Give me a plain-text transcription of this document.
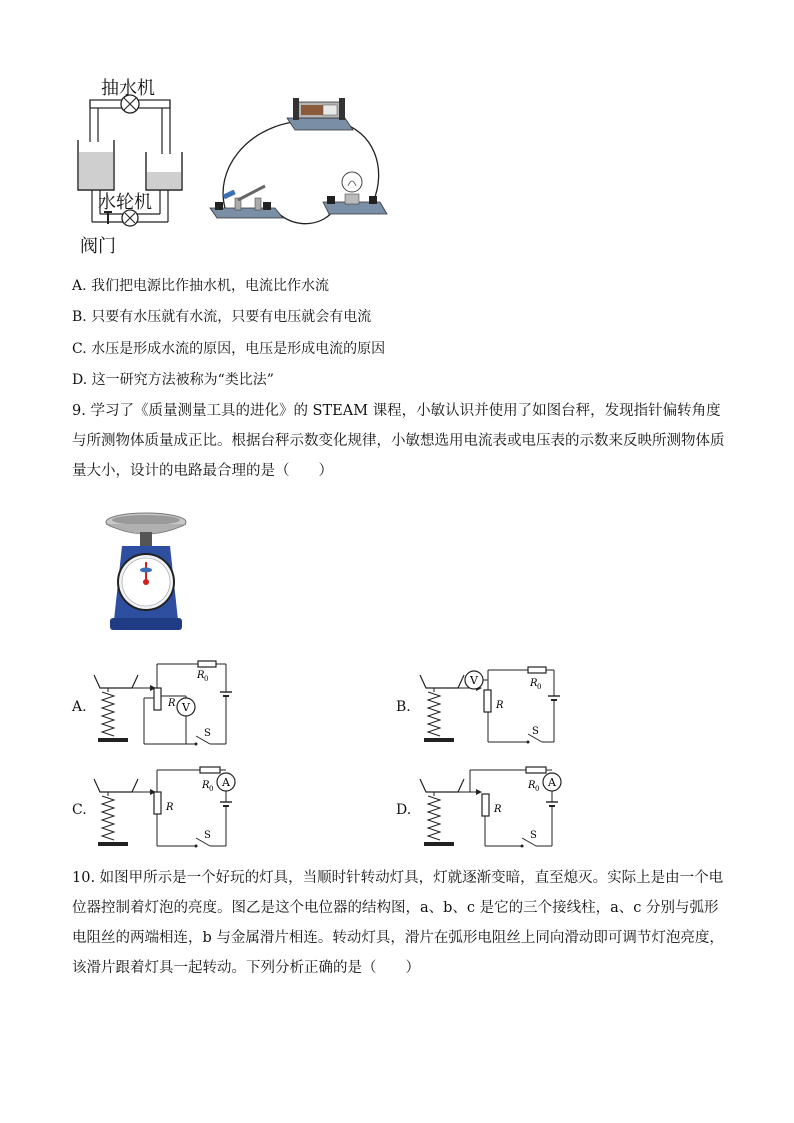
抽水机
水轮机
阀门
A. 我们把电源比作抽水机，电流比作水流
B. 只要有水压就有水流，只要有电压就会有电流
C. 水压是形成水流的原因，电压是形成电流的原因
D. 这一研究方法被称为“类比法”
9. 学习了《质量测量工具的进化》的 STEAM 课程，小敏认识并使用了如图台秤，发现指针偏转角度与所测物体质量成正比。根据台秤示数变化规律，小敏想选用电流表或电压表的示数来反映所测物体质量大小，设计的电路最合理的是（　　）
A.	V
R
R 0
S
B.
V
R
R 0
S
C.
A
R
R 0
S
D.
A
R
R 0
S
10. 如图甲所示是一个好玩的灯具，当顺时针转动灯具，灯就逐渐变暗，直至熄灭。实际上是由一个电位器控制着灯泡的亮度。图乙是这个电位器的结构图，a、b、c 是它的三个接线柱，a、c 分别与弧形电阻丝的两端相连，b 与金属滑片相连。转动灯具，滑片在弧形电阻丝上同向滑动即可调节灯泡亮度，该滑片跟着灯具一起转动。下列分析正确的是（　　）
